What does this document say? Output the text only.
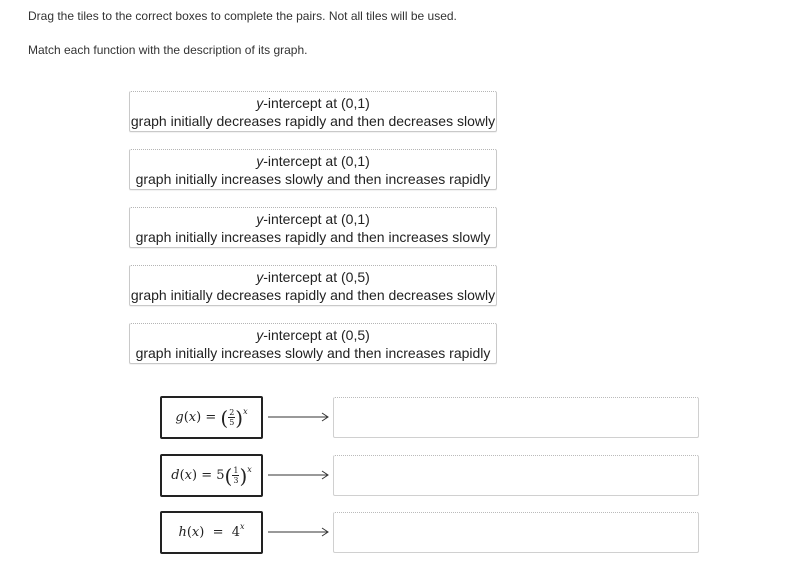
Drag the tiles to the correct boxes to complete the pairs. Not all tiles will be used.
Match each function with the description of its graph.
y-intercept at (0,1)
graph initially decreases rapidly and then decreases slowly
y-intercept at (0,1)
graph initially increases slowly and then increases rapidly
y-intercept at (0,1)
graph initially increases rapidly and then increases slowly
y-intercept at (0,5)
graph initially decreases rapidly and then decreases slowly
y-intercept at (0,5)
graph initially increases slowly and then increases rapidly
g ( x ) =
( $\frac{2}{5}$ ) x
d ( x ) =
5 ( $\frac{1}{3}$ ) x
h ( x ) =
4 x
